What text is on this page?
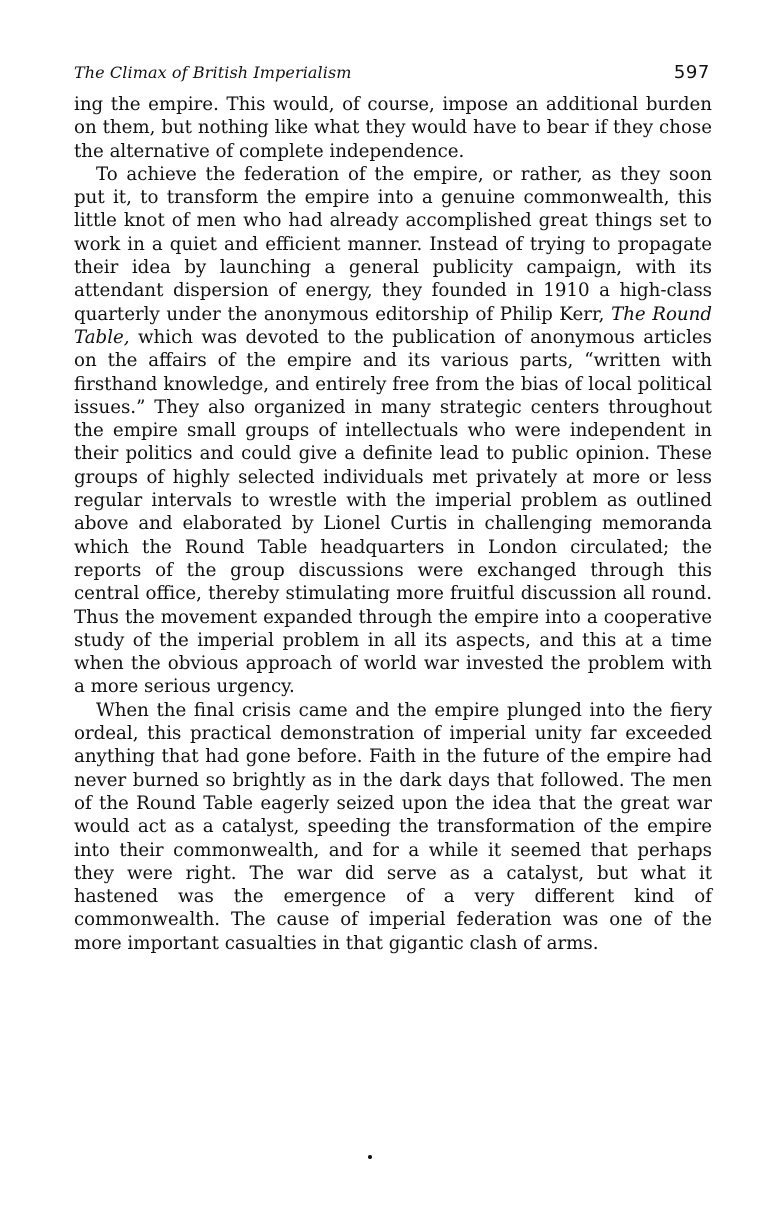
The Climax of British Imperialism	597

ing the empire. This would, of course, impose an additional burden on them, but nothing like what they would have to bear if they chose the alternative of complete independence.

To achieve the federation of the empire, or rather, as they soon put it, to transform the empire into a genuine commonwealth, this little knot of men who had already accomplished great things set to work in a quiet and efficient manner. Instead of trying to propagate their idea by launching a general publicity campaign, with its attendant dispersion of energy, they founded in 1910 a high-class quarterly under the anonymous editorship of Philip Kerr, The Round Table, which was devoted to the publication of anonymous articles on the affairs of the empire and its various parts, “written with firsthand knowledge, and entirely free from the bias of local political issues.” They also organized in many strategic centers throughout the empire small groups of intellectuals who were independent in their politics and could give a definite lead to public opinion. These groups of highly selected individuals met privately at more or less regular intervals to wrestle with the imperial problem as outlined above and elaborated by Lionel Curtis in challenging memoranda which the Round Table headquarters in London circulated; the reports of the group discussions were exchanged through this central office, thereby stimulating more fruitful discussion all round. Thus the movement expanded through the empire into a cooperative study of the imperial problem in all its aspects, and this at a time when the obvious approach of world war invested the problem with a more serious urgency.

When the final crisis came and the empire plunged into the fiery ordeal, this practical demonstration of imperial unity far exceeded anything that had gone before. Faith in the future of the empire had never burned so brightly as in the dark days that followed. The men of the Round Table eagerly seized upon the idea that the great war would act as a catalyst, speeding the transformation of the empire into their commonwealth, and for a while it seemed that perhaps they were right. The war did serve as a catalyst, but what it hastened was the emergence of a very different kind of commonwealth. The cause of imperial federation was one of the more important casualties in that gigantic clash of arms.
